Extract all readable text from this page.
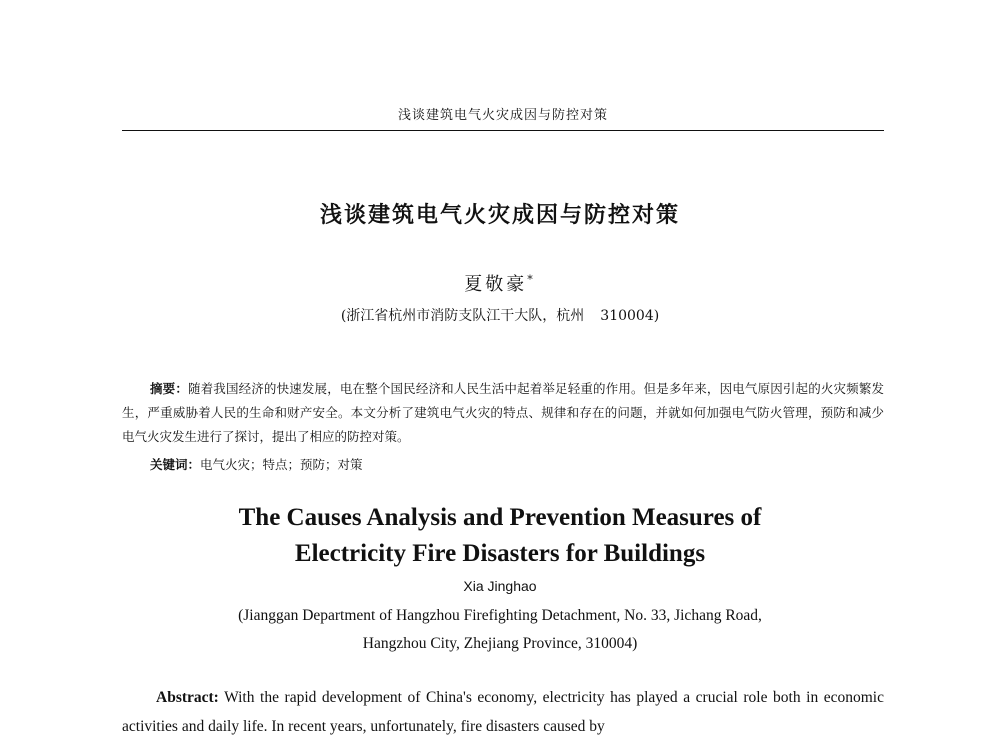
浅谈建筑电气火灾成因与防控对策
浅谈建筑电气火灾成因与防控对策
夏敬豪*
(浙江省杭州市消防支队江干大队，杭州 310004)

摘要：随着我国经济的快速发展，电在整个国民经济和人民生活中起着举足轻重的作用。但是多年来，因电气原因引起的火灾频繁发生，严重威胁着人民的生命和财产安全。本文分析了建筑电气火灾的特点、规律和存在的问题，并就如何加强电气防火管理，预防和减少电气火灾发生进行了探讨，提出了相应的防控对策。

关键词：电气火灾；特点；预防；对策
The Causes Analysis and Prevention Measures of
Electricity Fire Disasters for Buildings
Xia Jinghao
(Jianggan Department of Hangzhou Firefighting Detachment, No. 33, Jichang Road,
Hangzhou City, Zhejiang Province, 310004)

Abstract: With the rapid development of China's economy, electricity has played a crucial role both in economic activities and daily life. In recent years, unfortunately, fire disasters caused by
